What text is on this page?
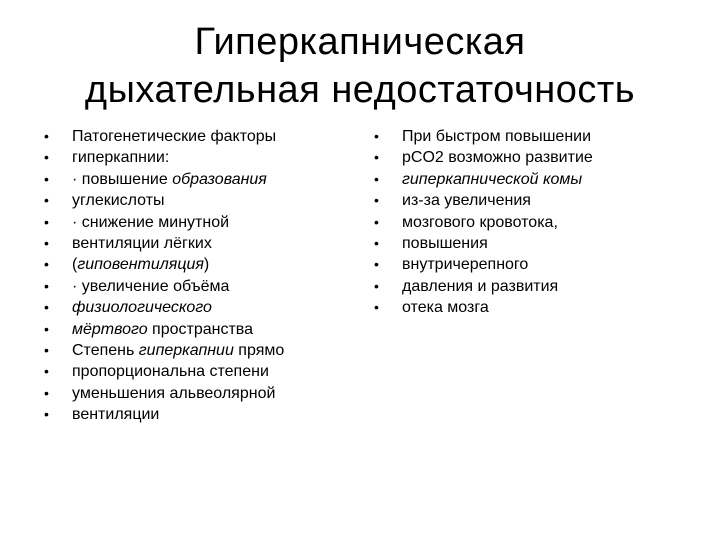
Гиперкапническая
дыхательная недостаточность
•	Патогенетические факторы
•	гиперкапнии:
•	· повышение образования
•	углекислоты
•	· снижение минутной
•	вентиляции лёгких
•	(гиповентиляция)
•	· увеличение объёма
•	физиологического
•	мёртвого пространства
•	Степень гиперкапнии прямо
•	пропорциональна степени
•	уменьшения альвеолярной
•	вентиляции
•	При быстром повышении
•	рCO2 возможно развитие
•	гиперкапнической комы
•	из-за увеличения
•	мозгового кровотока,
•	повышения
•	внутричерепного
•	давления и развития
•	отека мозга
